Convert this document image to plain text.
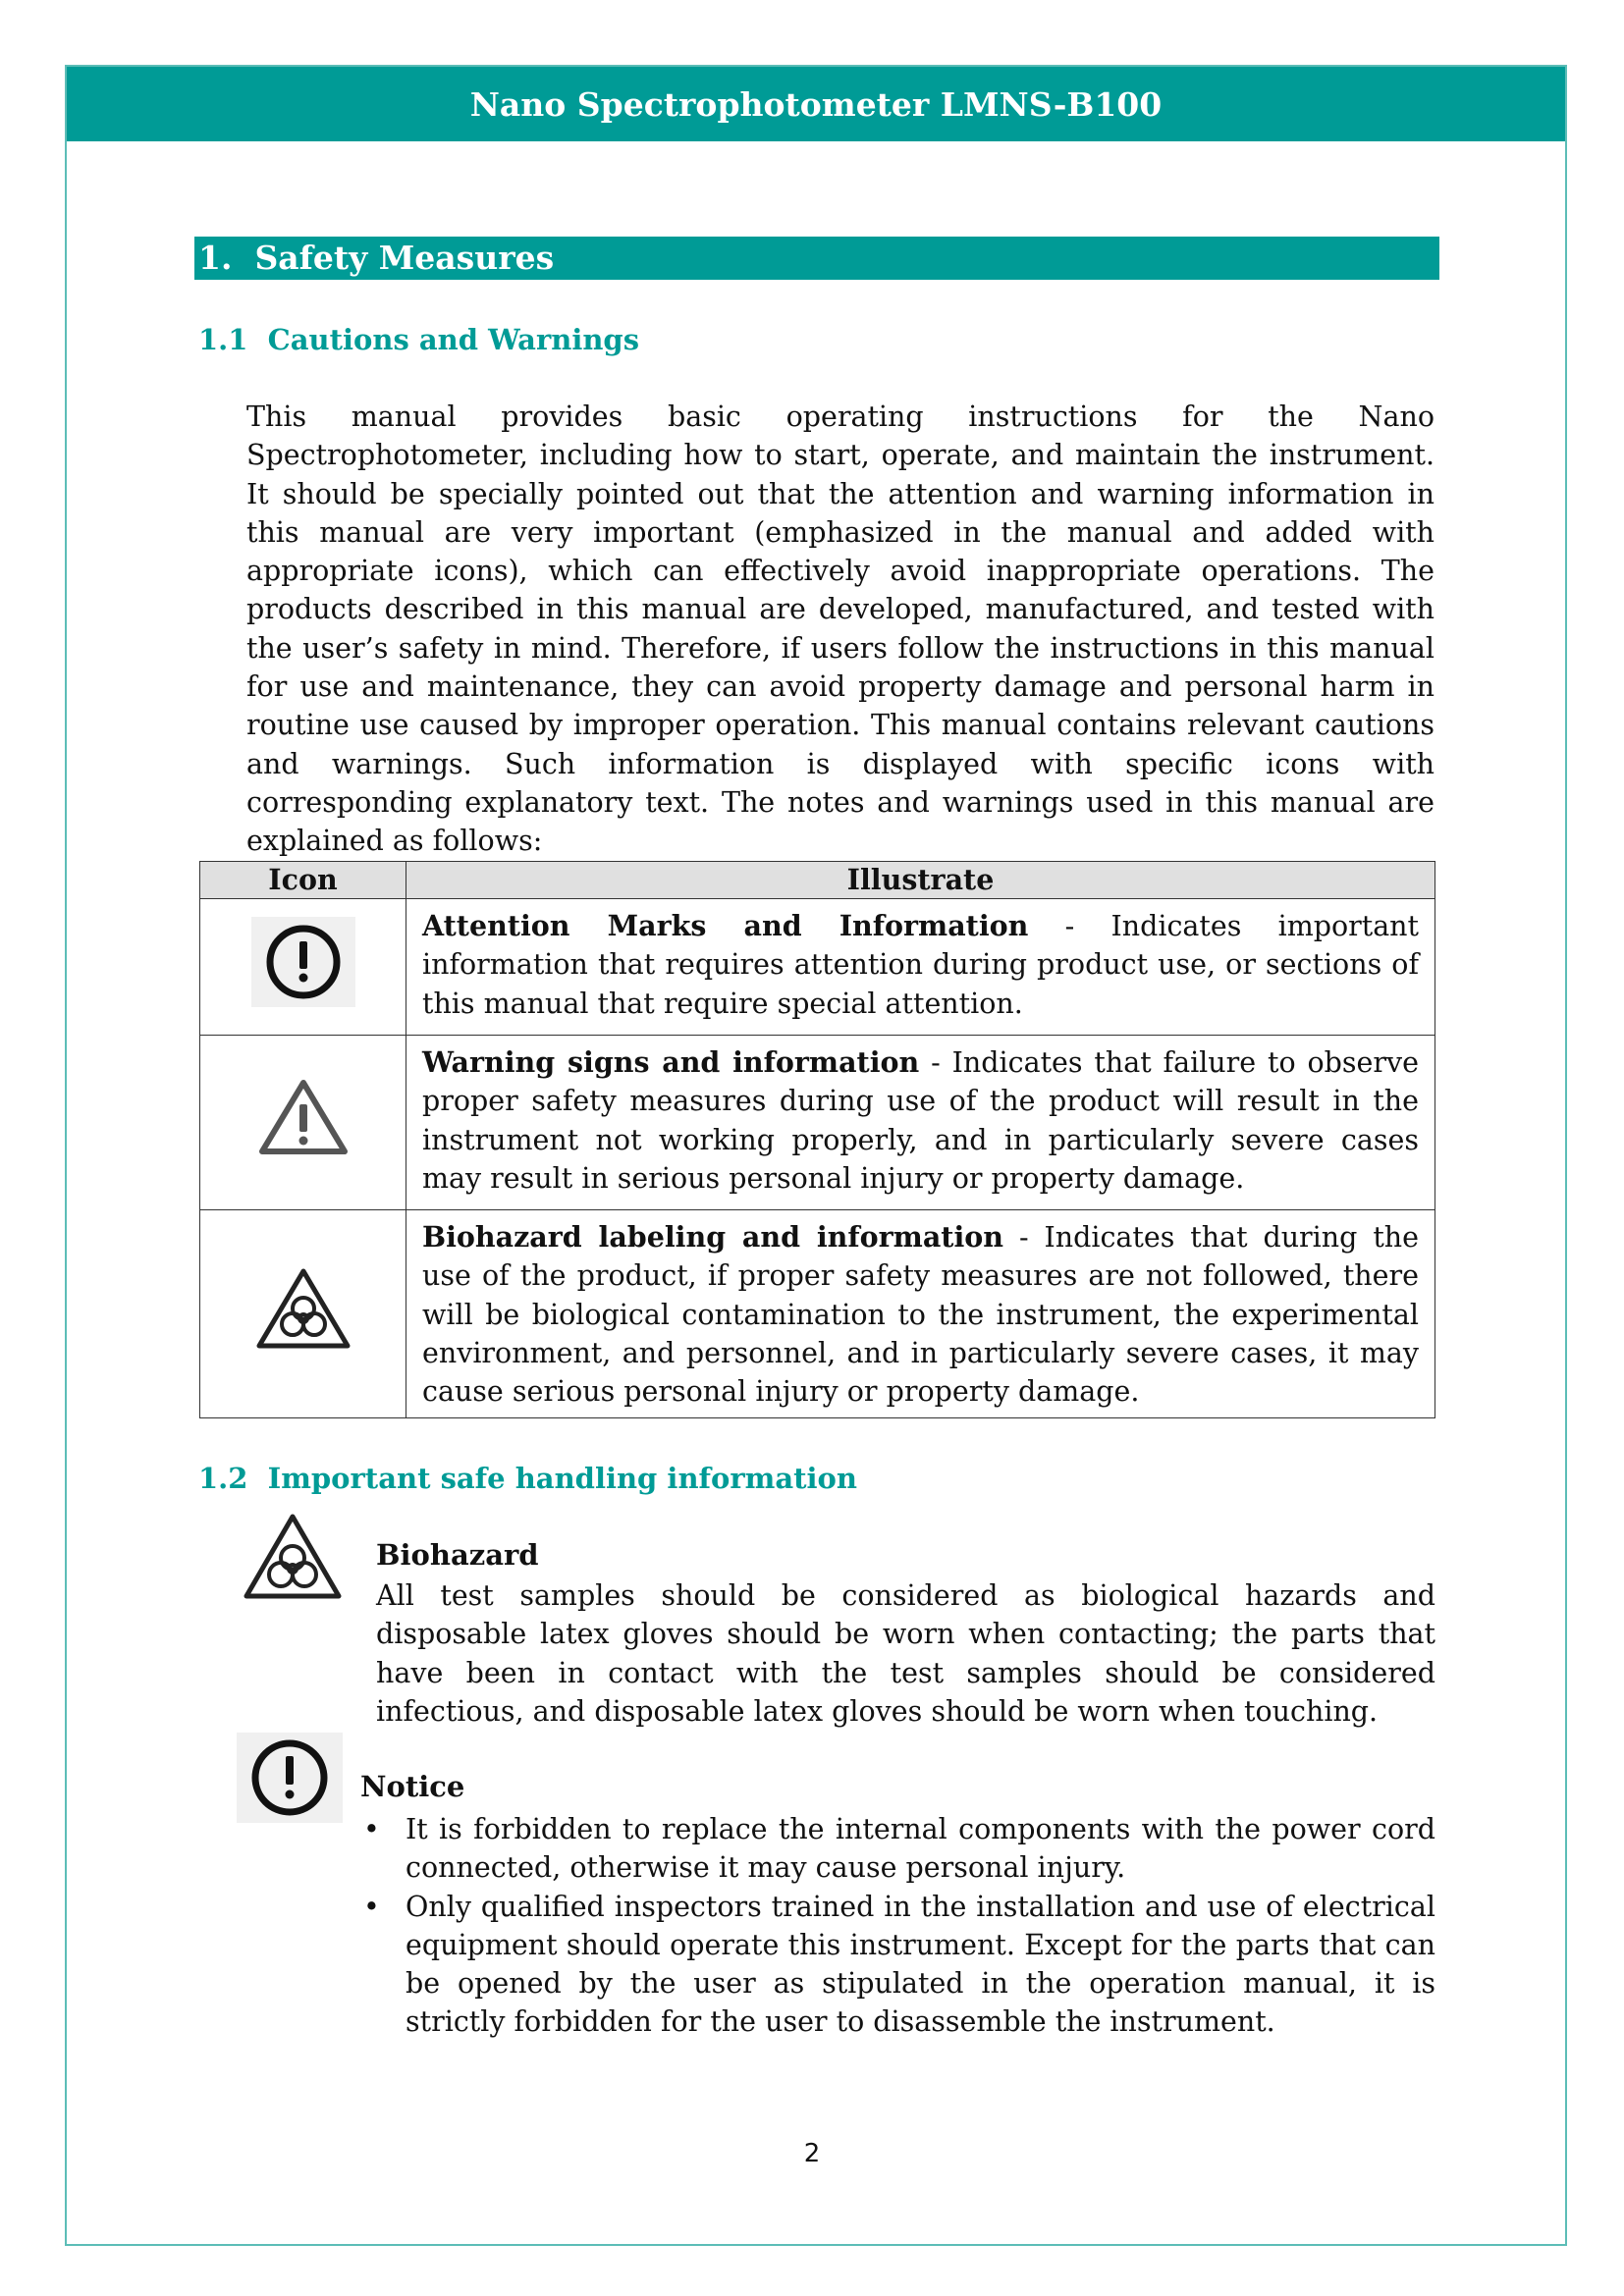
Nano Spectrophotometer LMNS-B100
1. Safety Measures
1.1 Cautions and Warnings
This manual provides basic operating instructions for the Nano Spectrophotometer, including how to start, operate, and maintain the instrument. It should be specially pointed out that the attention and warning information in this manual are very important (emphasized in the manual and added with appropriate icons), which can effectively avoid inappropriate operations. The products described in this manual are developed, manufactured, and tested with the user’s safety in mind. Therefore, if users follow the instructions in this manual for use and maintenance, they can avoid property damage and personal harm in routine use caused by improper operation. This manual contains relevant cautions and warnings. Such information is displayed with specific icons with corresponding explanatory text. The notes and warnings used in this manual are explained as follows:
Icon	Illustrate
	Attention Marks and Information - Indicates important information that requires attention during product use, or sections of this manual that require special attention.
	Warning signs and information - Indicates that failure to observe proper safety measures during use of the product will result in the instrument not working properly, and in particularly severe cases may result in serious personal injury or property damage.
	Biohazard labeling and information - Indicates that during the use of the product, if proper safety measures are not followed, there will be biological contamination to the instrument, the experimental environment, and personnel, and in particularly severe cases, it may cause serious personal injury or property damage.
1.2 Important safe handling information
Biohazard
All test samples should be considered as biological hazards and disposable latex gloves should be worn when contacting; the parts that have been in contact with the test samples should be considered infectious, and disposable latex gloves should be worn when touching.
Notice
• It is forbidden to replace the internal components with the power cord connected, otherwise it may cause personal injury.
• Only qualified inspectors trained in the installation and use of electrical equipment should operate this instrument. Except for the parts that can be opened by the user as stipulated in the operation manual, it is strictly forbidden for the user to disassemble the instrument.
2
